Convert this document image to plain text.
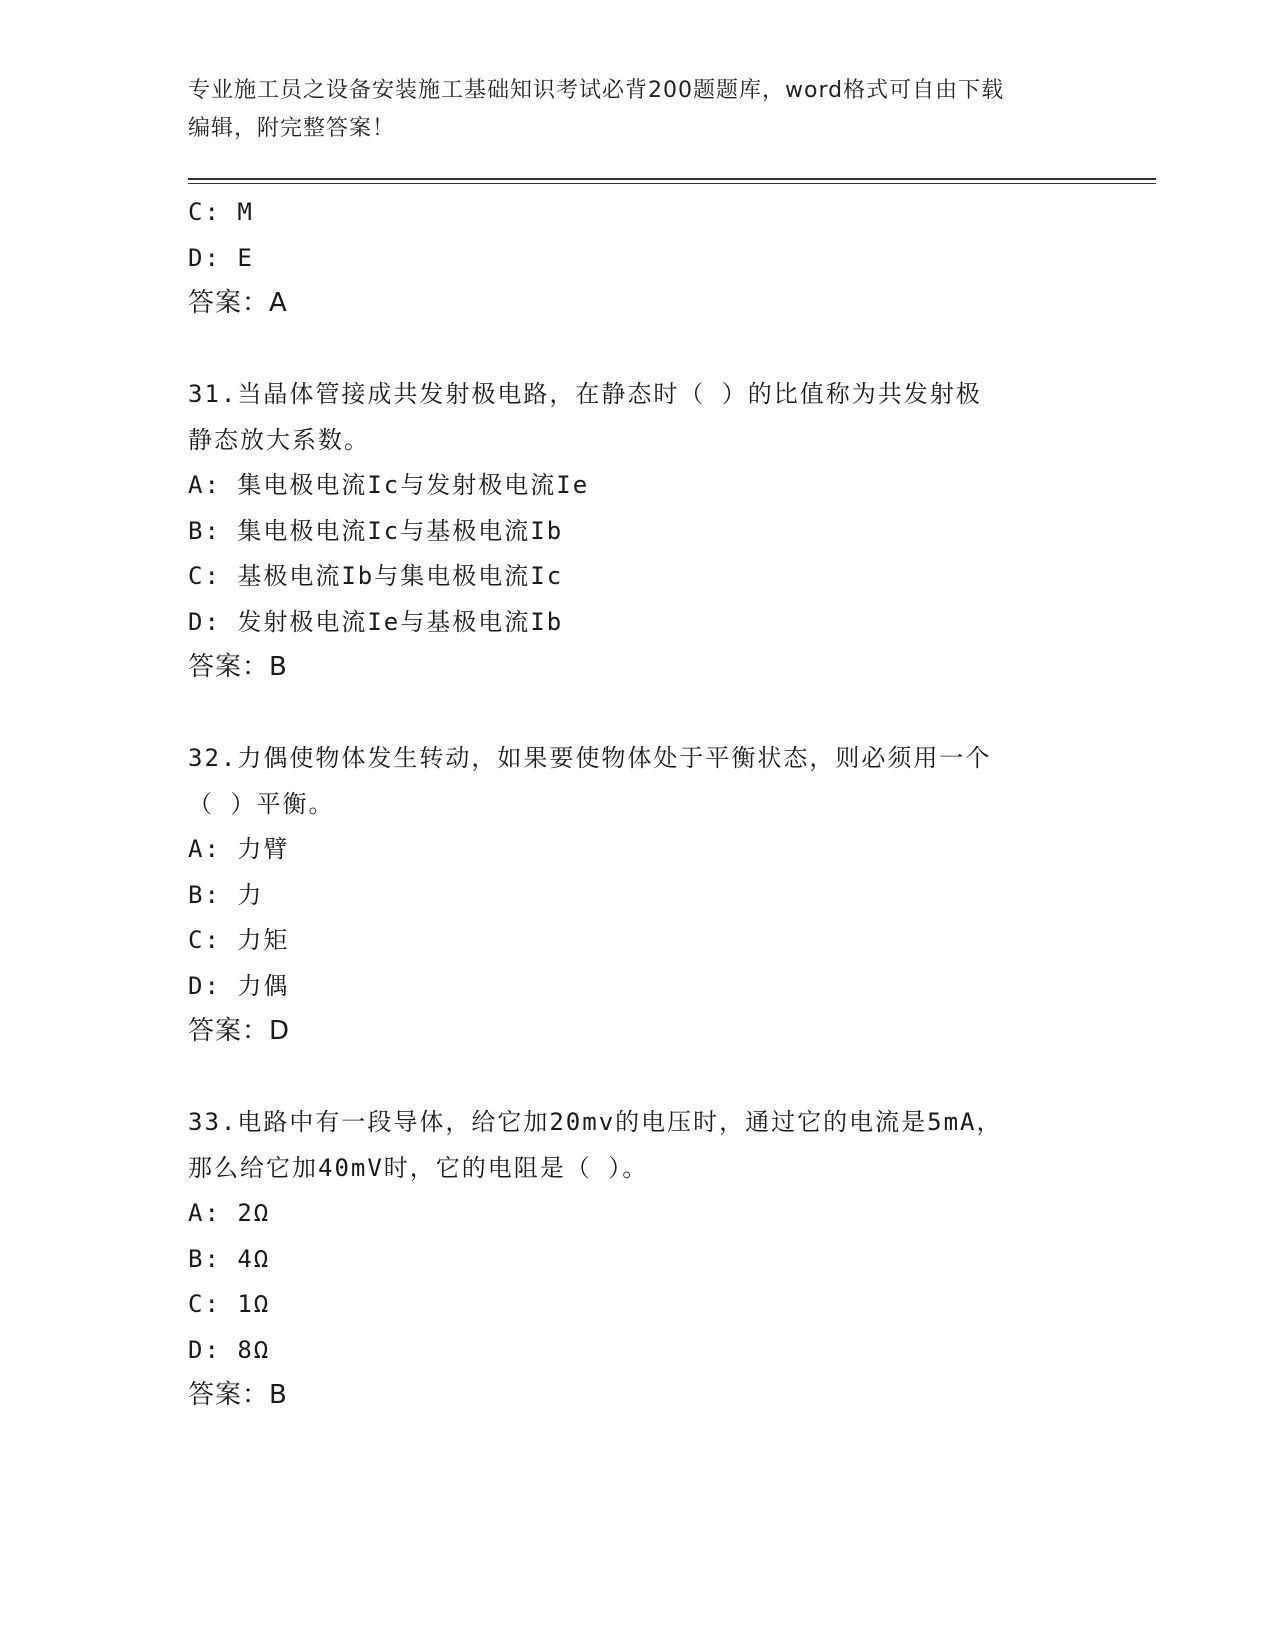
专业施工员之设备安装施工基础知识考试必背200题题库，word格式可自由下载
编辑，附完整答案！
C: M
D: E
答案：A
31.当晶体管接成共发射极电路，在静态时（ ）的比值称为共发射极
静态放大系数。
A: 集电极电流Ic与发射极电流Ie
B: 集电极电流Ic与基极电流Ib
C: 基极电流Ib与集电极电流Ic
D: 发射极电流Ie与基极电流Ib
答案：B
32.力偶使物体发生转动，如果要使物体处于平衡状态，则必须用一个
（ ）平衡。
A: 力臂
B: 力
C: 力矩
D: 力偶
答案：D
33.电路中有一段导体，给它加20mv的电压时，通过它的电流是5mA，
那么给它加40mV时，它的电阻是（ ）。
A: 2Ω
B: 4Ω
C: 1Ω
D: 8Ω
答案：B
